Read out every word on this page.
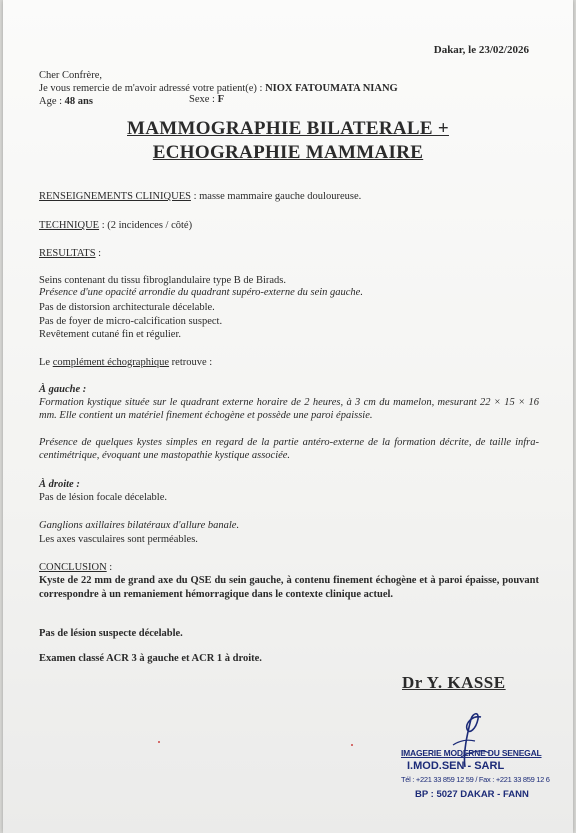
Dakar, le 23/02/2026
Cher Confrère,
Je vous remercie de m'avoir adressé votre patient(e) : NIOX FATOUMATA NIANG
Age : 48 ans	Sexe : F
MAMMOGRAPHIE BILATERALE +
ECHOGRAPHIE MAMMAIRE
RENSEIGNEMENTS CLINIQUES : masse mammaire gauche douloureuse.
TECHNIQUE : (2 incidences / côté)
RESULTATS :
Seins contenant du tissu fibroglandulaire type B de Birads.
Présence d'une opacité arrondie du quadrant supéro-externe du sein gauche.
Pas de distorsion architecturale décelable.
Pas de foyer de micro-calcification suspect.
Revêtement cutané fin et régulier.
Le complément échographique retrouve :
À gauche :
Formation kystique située sur le quadrant externe horaire de 2 heures, à 3 cm du mamelon, mesurant 22 × 15 × 16 mm. Elle contient un matériel finement échogène et possède une paroi épaissie.
Présence de quelques kystes simples en regard de la partie antéro-externe de la formation décrite, de taille infra-centimétrique, évoquant une mastopathie kystique associée.
À droite :
Pas de lésion focale décelable.
Ganglions axillaires bilatéraux d'allure banale.
Les axes vasculaires sont perméables.
CONCLUSION :
Kyste de 22 mm de grand axe du QSE du sein gauche, à contenu finement échogène et à paroi épaisse, pouvant correspondre à un remaniement hémorragique dans le contexte clinique actuel.
Pas de lésion suspecte décelable.
Examen classé ACR 3 à gauche et ACR 1 à droite.
Dr Y. KASSE
IMAGERIE MODERNE DU SENEGAL
I.MOD.SEN - SARL
Tél : +221 33 859 12 59 / Fax : +221 33 859 12 6
BP : 5027 DAKAR - FANN
